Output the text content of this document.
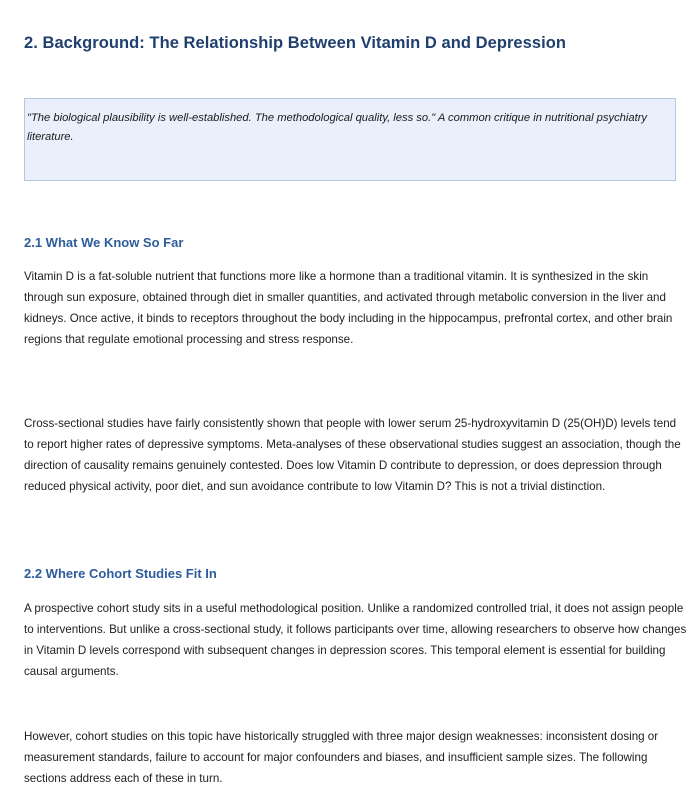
2. Background: The Relationship Between Vitamin D and Depression
"The biological plausibility is well-established. The methodological quality, less so." A common critique in nutritional psychiatry literature.
2.1 What We Know So Far

Vitamin D is a fat-soluble nutrient that functions more like a hormone than a traditional vitamin. It is synthesized in the skin through sun exposure, obtained through diet in smaller quantities, and activated through metabolic conversion in the liver and kidneys. Once active, it binds to receptors throughout the body including in the hippocampus, prefrontal cortex, and other brain regions that regulate emotional processing and stress response.

Cross-sectional studies have fairly consistently shown that people with lower serum 25-hydroxyvitamin D (25(OH)D) levels tend to report higher rates of depressive symptoms. Meta-analyses of these observational studies suggest an association, though the direction of causality remains genuinely contested. Does low Vitamin D contribute to depression, or does depression through reduced physical activity, poor diet, and sun avoidance contribute to low Vitamin D? This is not a trivial distinction.

2.2 Where Cohort Studies Fit In

A prospective cohort study sits in a useful methodological position. Unlike a randomized controlled trial, it does not assign people to interventions. But unlike a cross-sectional study, it follows participants over time, allowing researchers to observe how changes in Vitamin D levels correspond with subsequent changes in depression scores. This temporal element is essential for building causal arguments.

However, cohort studies on this topic have historically struggled with three major design weaknesses: inconsistent dosing or measurement standards, failure to account for major confounders and biases, and insufficient sample sizes. The following sections address each of these in turn.
